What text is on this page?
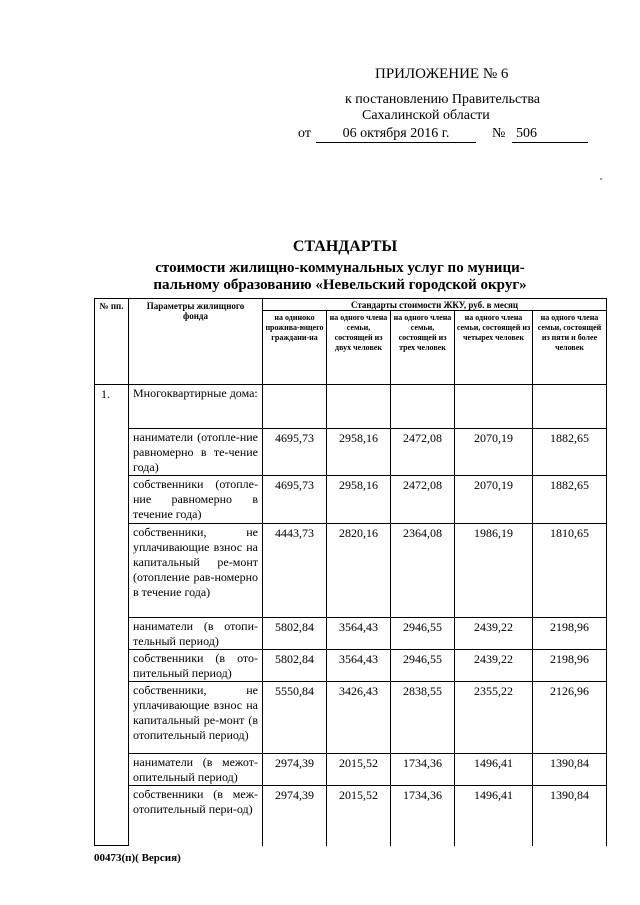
ПРИЛОЖЕНИЕ № 6
к постановлению Правительства
Сахалинской области
от	06 октября 2016 г.	№ 506
СТАНДАРТЫ
стоимости жилищно-коммунальных услуг по муници-
пальному образованию «Невельский городской округ»
№ пп.	Параметры жилищного фонда	Стандарты стоимости ЖКУ, руб. в месяц				
		на одиноко прожива-ющего граждани-на	на одного члена семьи, состоящей из двух человек	на одного члена семьи, состоящей из трех человек	на одного члена семьи, состоящей из четырех человек	на одного члена семьи, состоящей из пяти и более человек
1.	Многоквартирные дома:					
	наниматели (отопле-ние равномерно в те-чение года)	4695,73	2958,16	2472,08	2070,19	1882,65
	собственники (отопле-ние равномерно в течение года)	4695,73	2958,16	2472,08	2070,19	1882,65
	собственники, не уплачивающие взнос на капитальный ре-монт (отопление рав-номерно в течение года)	4443,73	2820,16	2364,08	1986,19	1810,65
	наниматели (в отопи-тельный период)	5802,84	3564,43	2946,55	2439,22	2198,96
	собственники (в ото-пительный период)	5802,84	3564,43	2946,55	2439,22	2198,96
	собственники, не уплачивающие взнос на капитальный ре-монт (в отопительный период)	5550,84	3426,43	2838,55	2355,22	2126,96
	наниматели (в межот-опительный период)	2974,39	2015,52	1734,36	1496,41	1390,84
	собственники (в меж-отопительный пери-од)	2974,39	2015,52	1734,36	1496,41	1390,84
00473(п)( Версия)
